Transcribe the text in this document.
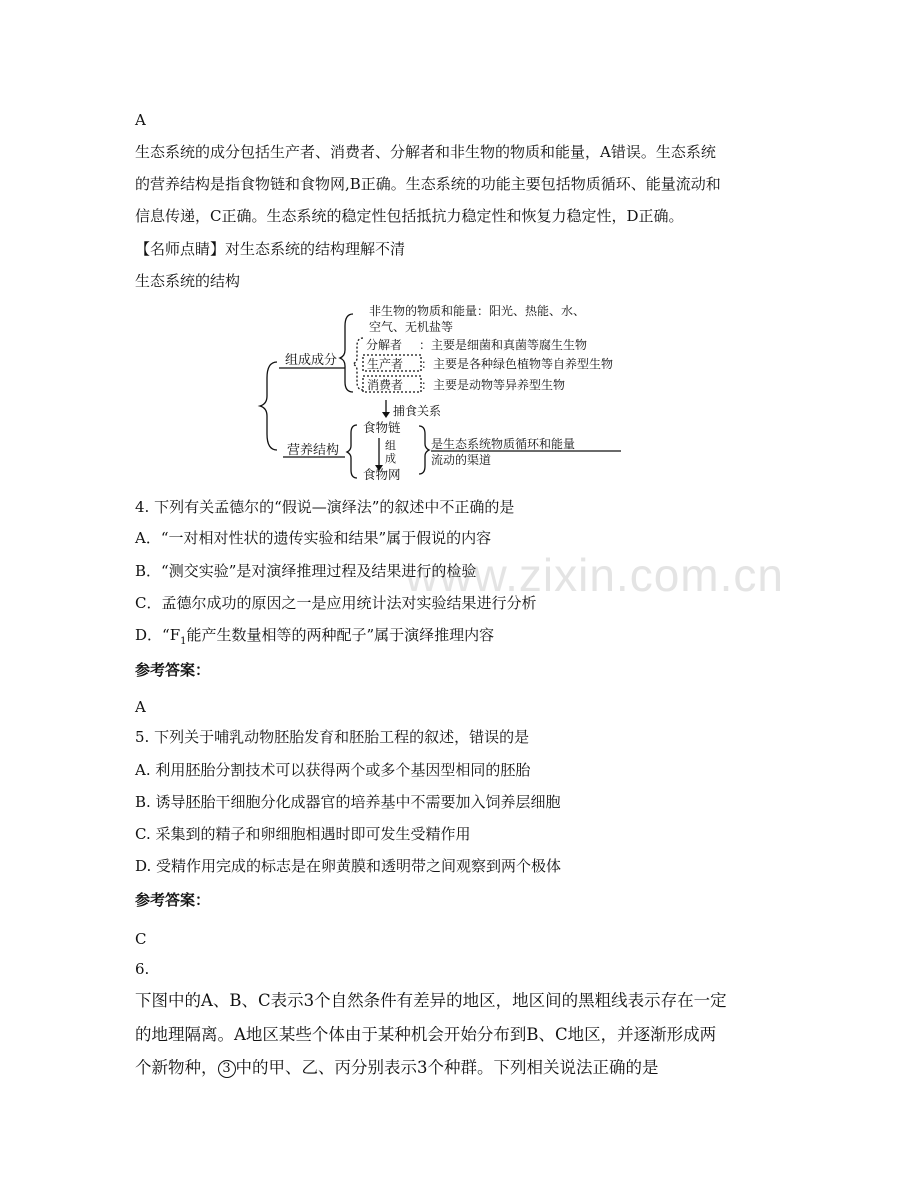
www.zixin.com.cn
A
生态系统的成分包括生产者、消费者、分解者和非生物的物质和能量，A错误。生态系统
的营养结构是指食物链和食物网,B正确。生态系统的功能主要包括物质循环、能量流动和
信息传递，C正确。生态系统的稳定性包括抵抗力稳定性和恢复力稳定性，D正确。
【名师点睛】对生态系统的结构理解不清
生态系统的结构
非生物的物质和能量：阳光、热能、水、
空气、无机盐等
分解者 ：主要是细菌和真菌等腐生生物
组成成分 生产者 ：主要是各种绿色植物等自养型生物
消费者 ：主要是动物等异养型生物
捕食关系
食物链
组
成
营养结构	是生态系统物质循环和能量
流动的渠道
食物网
4. 下列有关孟德尔的“假说—演绎法”的叙述中不正确的是
A．“一对相对性状的遗传实验和结果”属于假说的内容
B．“测交实验”是对演绎推理过程及结果进行的检验
C．孟德尔成功的原因之一是应用统计法对实验结果进行分析
D．“$F_1$能产生数量相等的两种配子”属于演绎推理内容
参考答案：
A
5. 下列关于哺乳动物胚胎发育和胚胎工程的叙述，错误的是
A. 利用胚胎分割技术可以获得两个或多个基因型相同的胚胎
B. 诱导胚胎干细胞分化成器官的培养基中不需要加入饲养层细胞
C. 采集到的精子和卵细胞相遇时即可发生受精作用
D. 受精作用完成的标志是在卵黄膜和透明带之间观察到两个极体
参考答案：
C
6.
下图中的A、B、C表示3个自然条件有差异的地区，地区间的黑粗线表示存在一定
的地理隔离。A地区某些个体由于某种机会开始分布到B、C地区，并逐渐形成两
个新物种， 3 中的甲、乙、丙分别表示3个种群。下列相关说法正确的是
